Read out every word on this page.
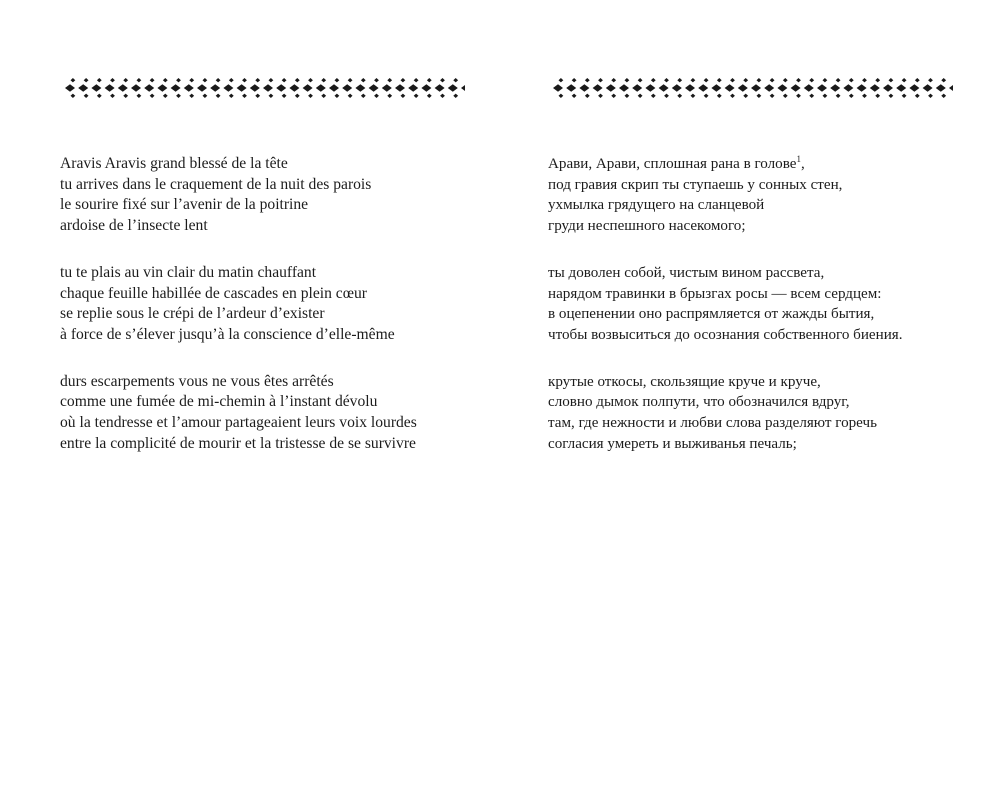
Aravis Aravis grand blessé de la tête
tu arrives dans le craquement de la nuit des parois
le sourire fixé sur l’avenir de la poitrine
ardoise de l’insecte lent

tu te plais au vin clair du matin chauffant
chaque feuille habillée de cascades en plein cœur
se replie sous le crépi de l’ardeur d’exister
à force de s’élever jusqu’à la conscience d’elle-même

durs escarpements vous ne vous êtes arrêtés
comme une fumée de mi-chemin à l’instant dévolu
où la tendresse et l’amour partageaient leurs voix lourdes
entre la complicité de mourir et la tristesse de se survivre

Арави, Арави, сплошная рана в голове$^1$,
под гравия скрип ты ступаешь у сонных стен,
ухмылка грядущего на сланцевой
груди неспешного насекомого;

ты доволен собой, чистым вином рассвета,
нарядом травинки в брызгах росы — всем сердцем:
в оцепенении оно распрямляется от жажды бытия,
чтобы возвыситься до осознания собственного биения.

крутые откосы, скользящие круче и круче,
словно дымок полпути, что обозначился вдруг,
там, где нежности и любви слова разделяют горечь
согласия умереть и выживанья печаль;
